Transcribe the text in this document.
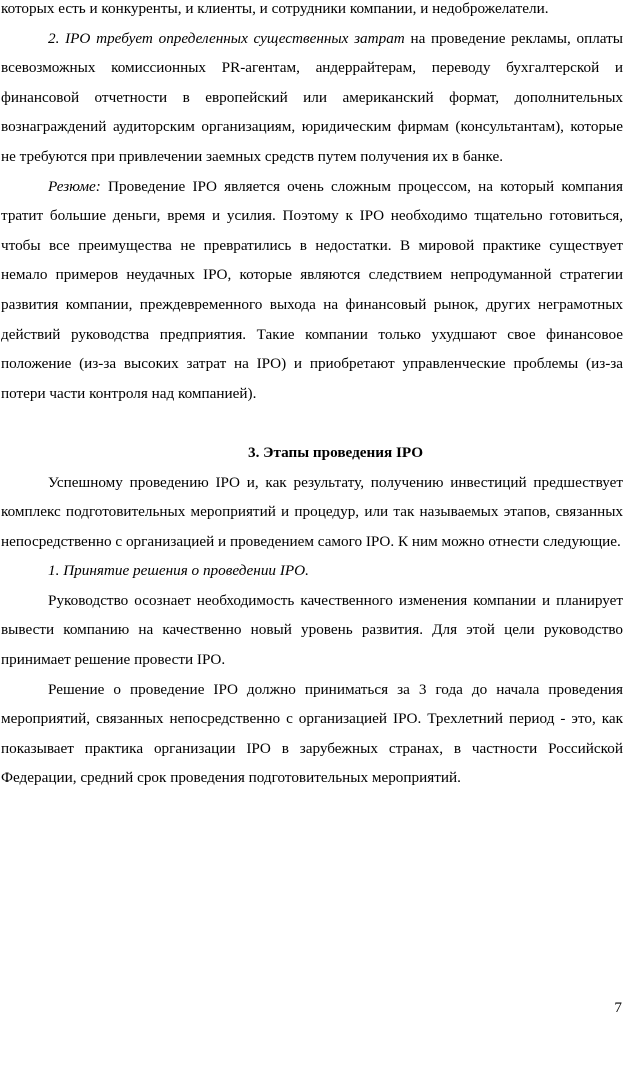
которых есть и конкуренты, и клиенты, и сотрудники компании, и недоброжелатели.

2. IPO требует определенных существенных затрат на проведение рекламы, оплаты всевозможных комиссионных PR-агентам, андеррайтерам, переводу бухгалтерской и финансовой отчетности в европейский или американский формат, дополнительных вознаграждений аудиторским организациям, юридическим фирмам (консультантам), которые не требуются при привлечении заемных средств путем получения их в банке.

Резюме: Проведение IPO является очень сложным процессом, на который компания тратит большие деньги, время и усилия. Поэтому к IPO необходимо тщательно готовиться, чтобы все преимущества не превратились в недостатки. В мировой практике существует немало примеров неудачных IPO, которые являются следствием непродуманной стратегии развития компании, преждевременного выхода на финансовый рынок, других неграмотных действий руководства предприятия. Такие компании только ухудшают свое финансовое положение (из-за высоких затрат на IPO) и приобретают управленческие проблемы (из-за потери части контроля над компанией).

3. Этапы проведения IPO

Успешному проведению IPO и, как результату, получению инвестиций предшествует комплекс подготовительных мероприятий и процедур, или так называемых этапов, связанных непосредственно с организацией и проведением самого IPO. К ним можно отнести следующие.

1. Принятие решения о проведении IPO.

Руководство осознает необходимость качественного изменения компании и планирует вывести компанию на качественно новый уровень развития. Для этой цели руководство принимает решение провести IPO.

Решение о проведение IPO должно приниматься за 3 года до начала проведения мероприятий, связанных непосредственно с организацией IPO. Трехлетний период - это, как показывает практика организации IPO в зарубежных странах, в частности Российской Федерации, средний срок проведения подготовительных мероприятий.

7
